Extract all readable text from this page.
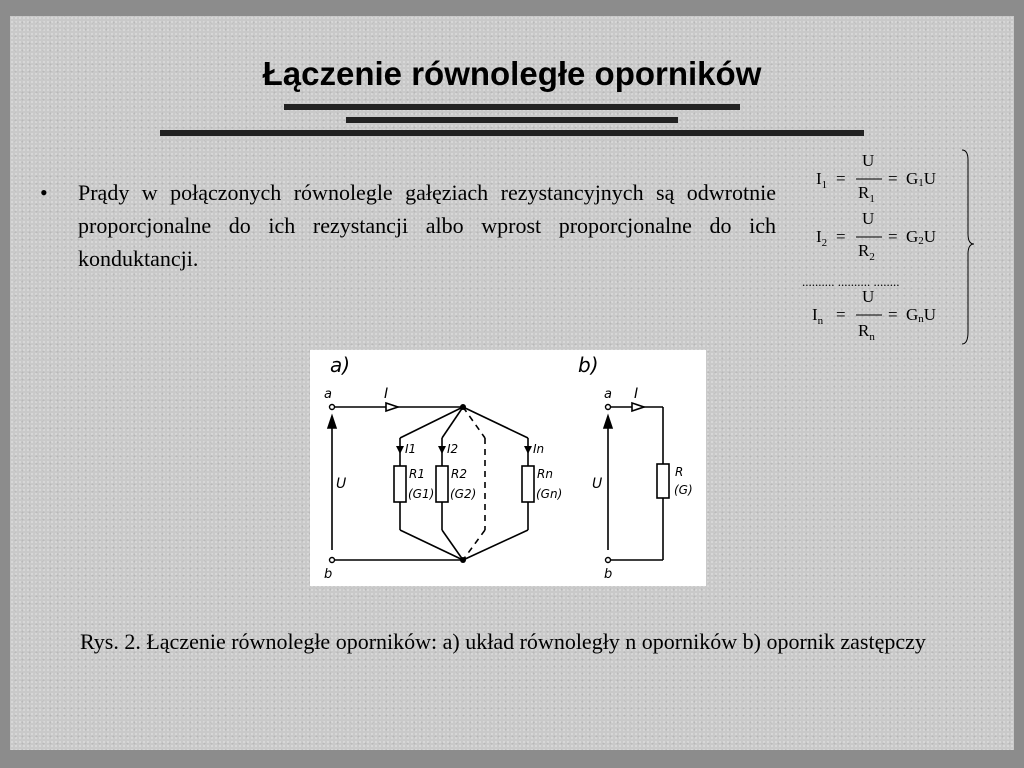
Łączenie równoległe oporników
• Prądy w połączonych równolegle gałęziach rezystancyjnych są odwrotnie proporcjonalne do ich rezystancji albo wprost proporcjonalne do ich konduktancji.
$I_1$ =
U
$R_1$
= G1U
$I_2$ =
U
$R_2$
= G2U
.......... .......... ........
$I_n$ =
U
$R_n$
= GnU
a)
a
b
I
U
I1	I2	In
R1
(G1)
R2
(G2)
Rn
(Gn)
b)
a
b
I
U
R
(G)
Rys. 2. Łączenie równoległe oporników: a) układ równoległy n oporników b) opornik zastępczy
